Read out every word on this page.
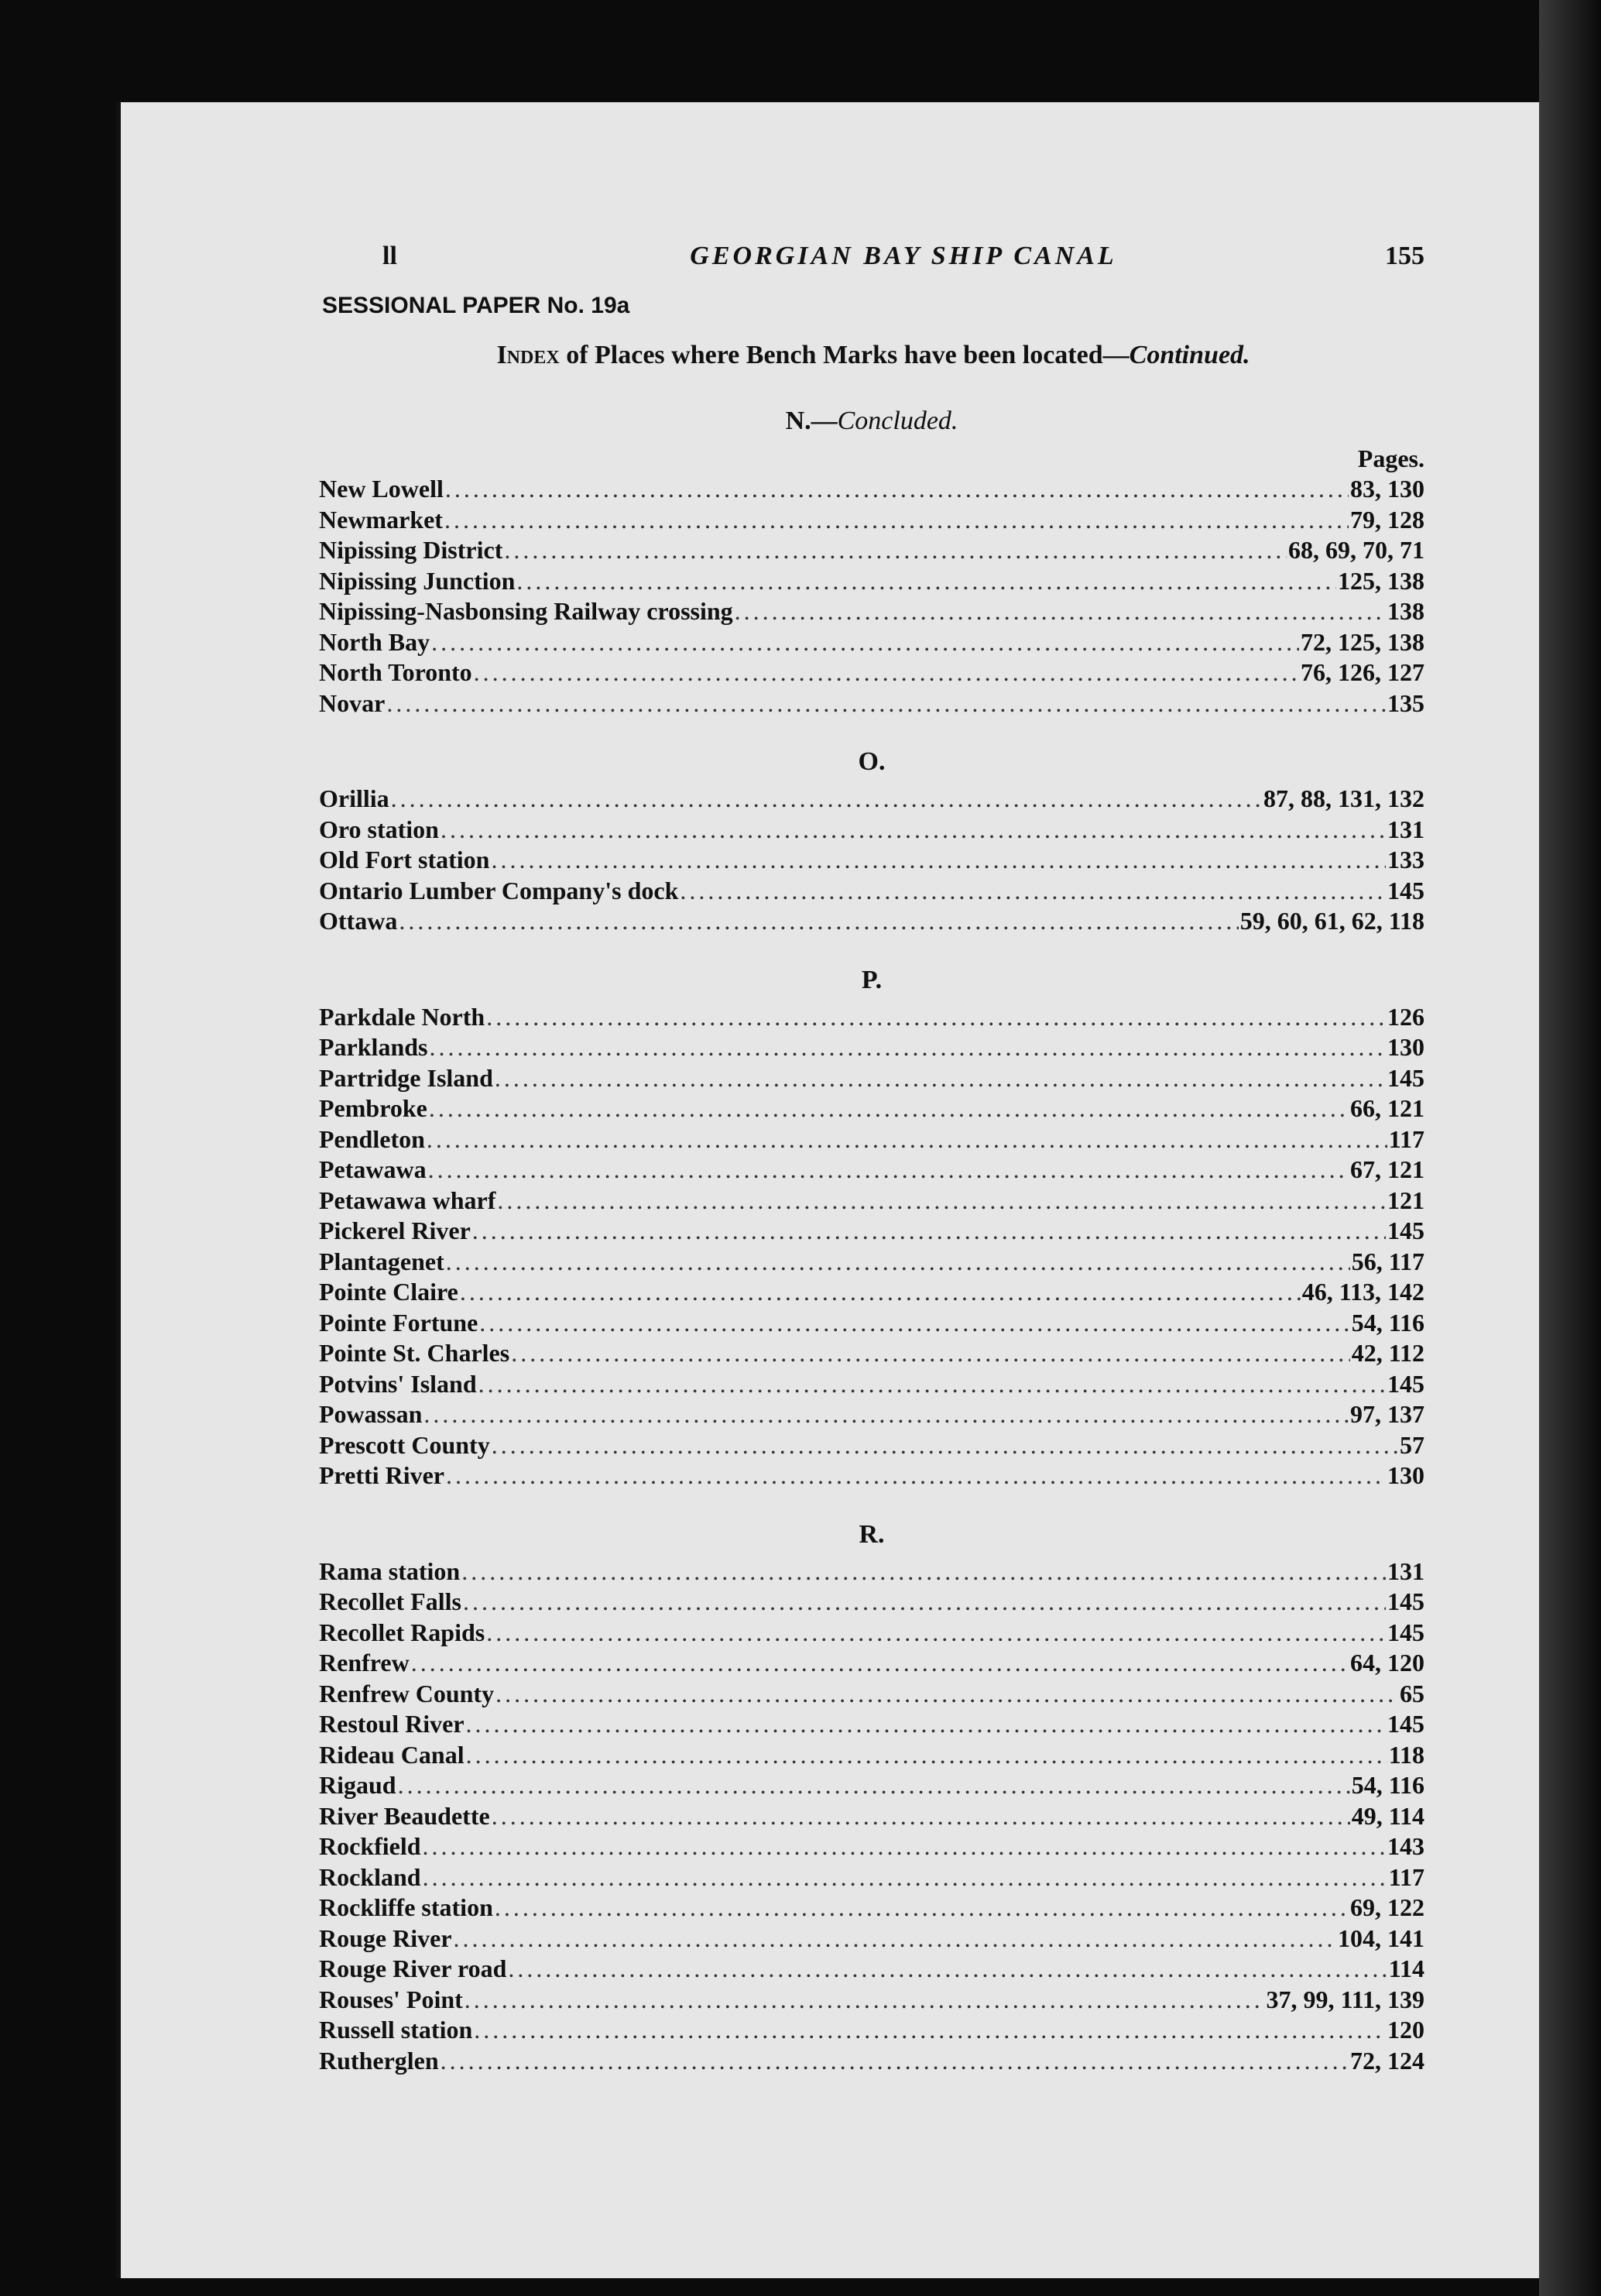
ll	GEORGIAN BAY SHIP CANAL	155
SESSIONAL PAPER No. 19a
Index of Places where Bench Marks have been located—Continued.
N.—Concluded.
Pages.
New Lowell . . .	83, 130
Newmarket . . .	79, 128
Nipissing District . . .	68, 69, 70, 71
Nipissing Junction . . .	125, 138
Nipissing-Nasbonsing Railway crossing . . .	138
North Bay . . .	72, 125, 138
North Toronto . . .	76, 126, 127
Novar . . .	135
O.
Orillia . . .	87, 88, 131, 132
Oro station . . .	131
Old Fort station . . .	133
Ontario Lumber Company's dock . . .	145
Ottawa . . .	59, 60, 61, 62, 118
P.
Parkdale North . . .	126
Parklands . . .	130
Partridge Island . . .	145
Pembroke . . .	66, 121
Pendleton . . .	117
Petawawa . . .	67, 121
Petawawa wharf . . .	121
Pickerel River . . .	145
Plantagenet . . .	56, 117
Pointe Claire . . .	46, 113, 142
Pointe Fortune . . .	54, 116
Pointe St. Charles . . .	42, 112
Potvins' Island . . .	145
Powassan . . .	97, 137
Prescott County . . .	57
Pretti River . . .	130
R.
Rama station . . .	131
Recollet Falls . . .	145
Recollet Rapids . . .	145
Renfrew . . .	64, 120
Renfrew County . . .	65
Restoul River . . .	145
Rideau Canal . . .	118
Rigaud . . .	54, 116
River Beaudette . . .	49, 114
Rockfield . . .	143
Rockland . . .	117
Rockliffe station . . .	69, 122
Rouge River . . .	104, 141
Rouge River road . . .	114
Rouses' Point . . .	37, 99, 111, 139
Russell station . . .	120
Rutherglen . . .	72, 124
